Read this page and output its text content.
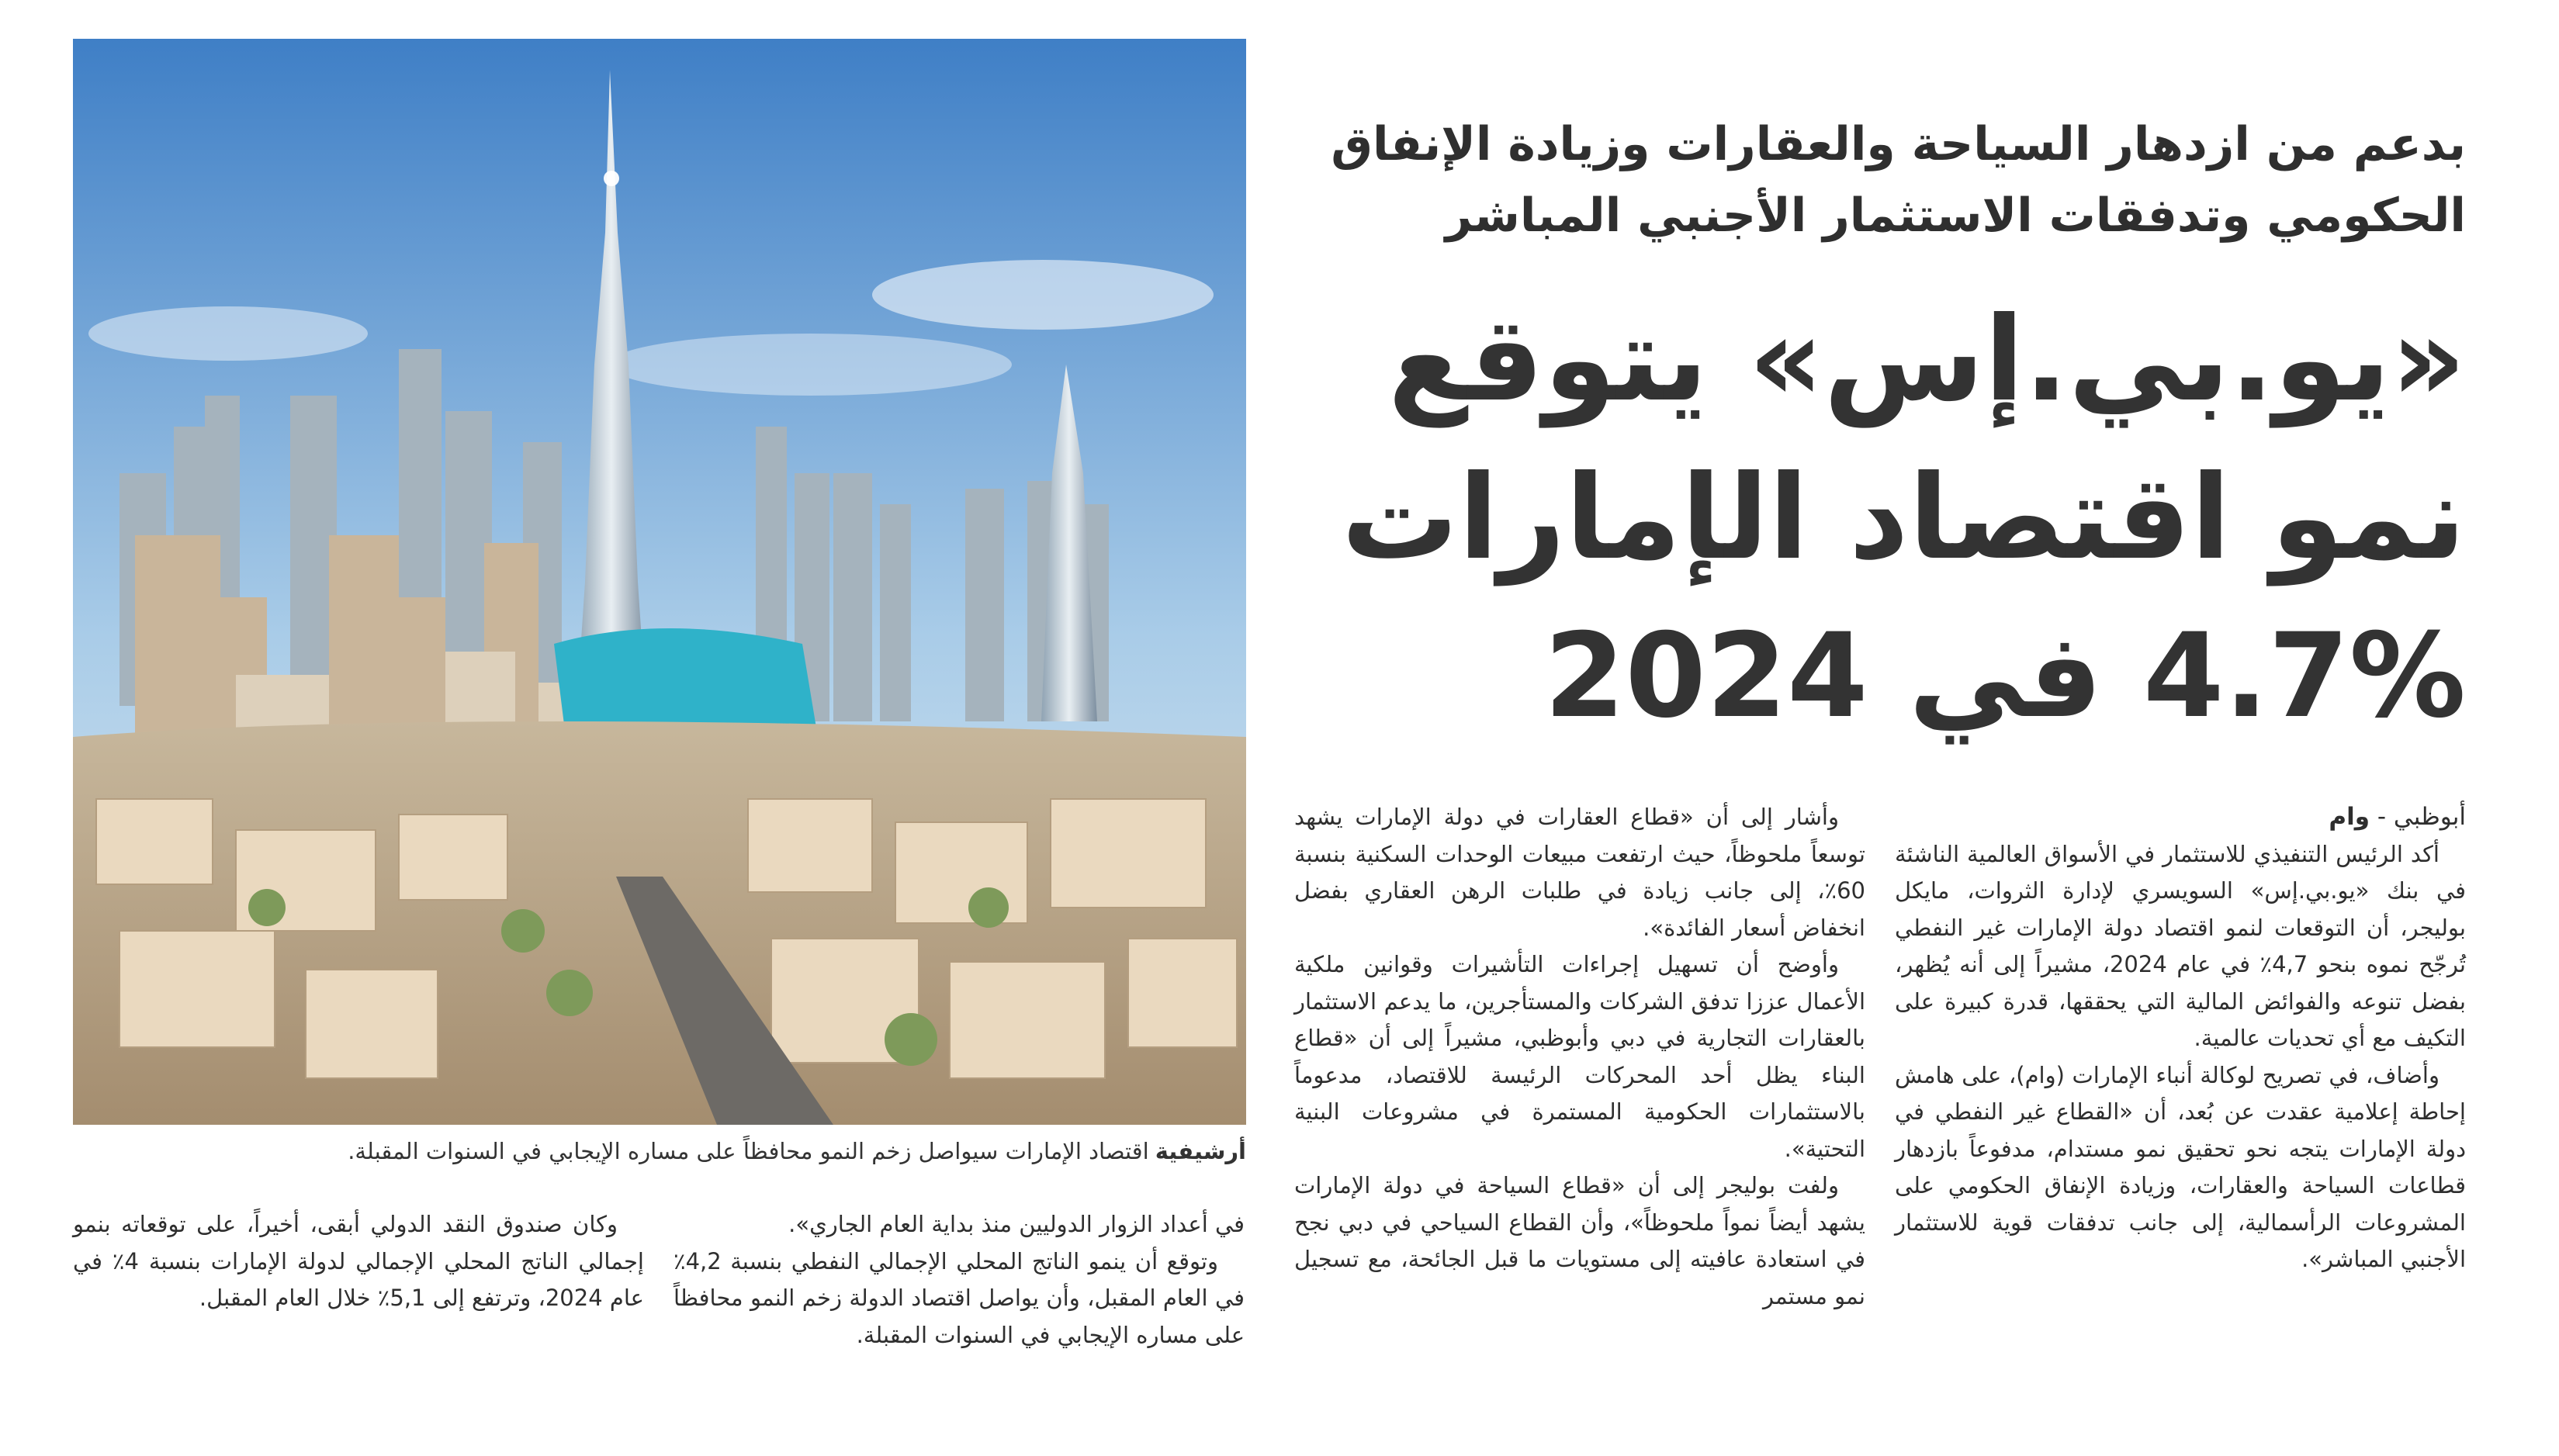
أرشيفيةاقتصاد الإمارات سيواصل زخم النمو محافظاً على مساره الإيجابي في السنوات المقبلة.
بدعم من ازدهار السياحة والعقارات وزيادة الإنفاق
الحكومي وتدفقات الاستثمار الأجنبي المباشر
«يو.بي.إس» يتوقع
نمو اقتصاد الإمارات
4.7% في 2024

أبوظبي - وام

أكد الرئيس التنفيذي للاستثمار في الأسواق العالمية الناشئة في بنك «يو.بي.إس» السويسري لإدارة الثروات، مايكل بوليجر، أن التوقعات لنمو اقتصاد دولة الإمارات غير النفطي تُرجّح نموه بنحو 4,7٪ في عام 2024، مشيراً إلى أنه يُظهر، بفضل تنوعه والفوائض المالية التي يحققها، قدرة كبيرة على التكيف مع أي تحديات عالمية.

وأضاف، في تصريح لوكالة أنباء الإمارات (وام)، على هامش إحاطة إعلامية عقدت عن بُعد، أن «القطاع غير النفطي في دولة الإمارات يتجه نحو تحقيق نمو مستدام، مدفوعاً بازدهار قطاعات السياحة والعقارات، وزيادة الإنفاق الحكومي على المشروعات الرأسمالية، إلى جانب تدفقات قوية للاستثمار الأجنبي المباشر».

وأشار إلى أن «قطاع العقارات في دولة الإمارات يشهد توسعاً ملحوظاً، حيث ارتفعت مبيعات الوحدات السكنية بنسبة 60٪، إلى جانب زيادة في طلبات الرهن العقاري بفضل انخفاض أسعار الفائدة».

وأوضح أن تسهيل إجراءات التأشيرات وقوانين ملكية الأعمال عززا تدفق الشركات والمستأجرين، ما يدعم الاستثمار بالعقارات التجارية في دبي وأبوظبي، مشيراً إلى أن «قطاع البناء يظل أحد المحركات الرئيسة للاقتصاد، مدعوماً بالاستثمارات الحكومية المستمرة في مشروعات البنية التحتية».

ولفت بوليجر إلى أن «قطاع السياحة في دولة الإمارات يشهد أيضاً نمواً ملحوظاً»، وأن القطاع السياحي في دبي نجح في استعادة عافيته إلى مستويات ما قبل الجائحة، مع تسجيل نمو مستمر

في أعداد الزوار الدوليين منذ بداية العام الجاري».

وتوقع أن ينمو الناتج المحلي الإجمالي النفطي بنسبة 4,2٪ في العام المقبل، وأن يواصل اقتصاد الدولة زخم النمو محافظاً على مساره الإيجابي في السنوات المقبلة.

وكان صندوق النقد الدولي أبقى، أخيراً، على توقعاته بنمو إجمالي الناتج المحلي الإجمالي لدولة الإمارات بنسبة 4٪ في عام 2024، وترتفع إلى 5,1٪ خلال العام المقبل.
